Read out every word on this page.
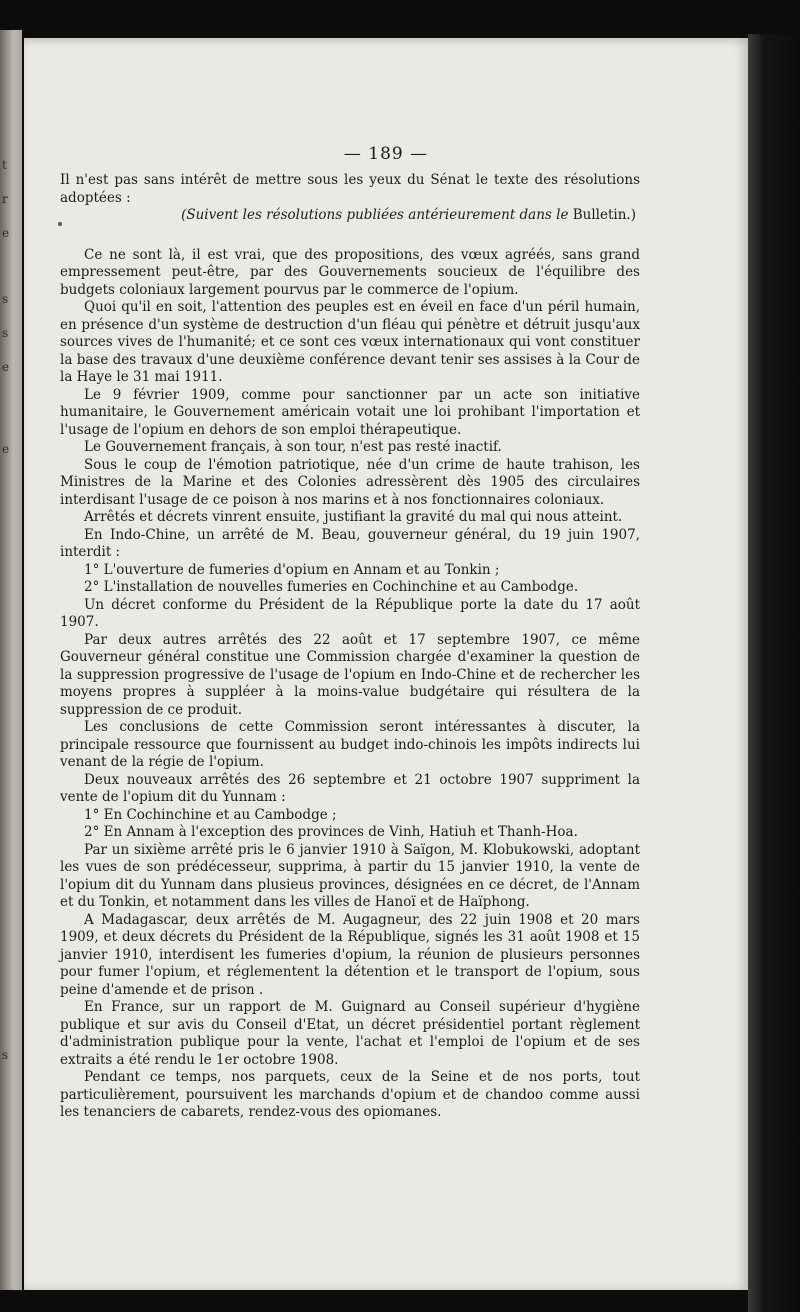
t
r
e
s
s
e
e
s
— 189 —

Il n'est pas sans intérêt de mettre sous les yeux du Sénat le texte des résolutions adoptées :

(Suivent les résolutions publiées antérieurement dans le Bulletin.)

Ce ne sont là, il est vrai, que des propositions, des vœux agréés, sans grand empressement peut-être, par des Gouvernements soucieux de l'équilibre des budgets coloniaux largement pourvus par le commerce de l'opium.

Quoi qu'il en soit, l'attention des peuples est en éveil en face d'un péril humain, en présence d'un système de destruction d'un fléau qui pénètre et détruit jusqu'aux sources vives de l'humanité; et ce sont ces vœux internationaux qui vont constituer la base des travaux d'une deuxième conférence devant tenir ses assises à la Cour de la Haye le 31 mai 1911.

Le 9 février 1909, comme pour sanctionner par un acte son initiative humanitaire, le Gouvernement américain votait une loi prohibant l'importation et l'usage de l'opium en dehors de son emploi thérapeutique.

Le Gouvernement français, à son tour, n'est pas resté inactif.

Sous le coup de l'émotion patriotique, née d'un crime de haute trahison, les Ministres de la Marine et des Colonies adressèrent dès 1905 des circulaires interdisant l'usage de ce poison à nos marins et à nos fonctionnaires coloniaux.

Arrêtés et décrets vinrent ensuite, justifiant la gravité du mal qui nous atteint.

En Indo-Chine, un arrêté de M. Beau, gouverneur général, du 19 juin 1907, interdit :

1° L'ouverture de fumeries d'opium en Annam et au Tonkin ;

2° L'installation de nouvelles fumeries en Cochinchine et au Cambodge.

Un décret conforme du Président de la République porte la date du 17 août 1907.

Par deux autres arrêtés des 22 août et 17 septembre 1907, ce même Gouverneur général constitue une Commission chargée d'examiner la question de la suppression progressive de l'usage de l'opium en Indo-Chine et de rechercher les moyens propres à suppléer à la moins-value budgétaire qui résultera de la suppression de ce produit.

Les conclusions de cette Commission seront intéressantes à discuter, la principale ressource que fournissent au budget indo-chinois les impôts indirects lui venant de la régie de l'opium.

Deux nouveaux arrêtés des 26 septembre et 21 octobre 1907 suppriment la vente de l'opium dit du Yunnam :

1° En Cochinchine et au Cambodge ;

2° En Annam à l'exception des provinces de Vinh, Hatiuh et Thanh-Hoa.

Par un sixième arrêté pris le 6 janvier 1910 à Saïgon, M. Klobukowski, adoptant les vues de son prédécesseur, supprima, à partir du 15 janvier 1910, la vente de l'opium dit du Yunnam dans plusieus provinces, désignées en ce décret, de l'Annam et du Tonkin, et notamment dans les villes de Hanoï et de Haïphong.

A Madagascar, deux arrêtés de M. Augagneur, des 22 juin 1908 et 20 mars 1909, et deux décrets du Président de la République, signés les 31 août 1908 et 15 janvier 1910, interdisent les fumeries d'opium, la réunion de plusieurs personnes pour fumer l'opium, et réglementent la détention et le transport de l'opium, sous peine d'amende et de prison .

En France, sur un rapport de M. Guignard au Conseil supérieur d'hygiène publique et sur avis du Conseil d'Etat, un décret présidentiel portant règlement d'administration publique pour la vente, l'achat et l'emploi de l'opium et de ses extraits a été rendu le 1er octobre 1908.

Pendant ce temps, nos parquets, ceux de la Seine et de nos ports, tout particulièrement, poursuivent les marchands d'opium et de chandoo comme aussi les tenanciers de cabarets, rendez-vous des opiomanes.
